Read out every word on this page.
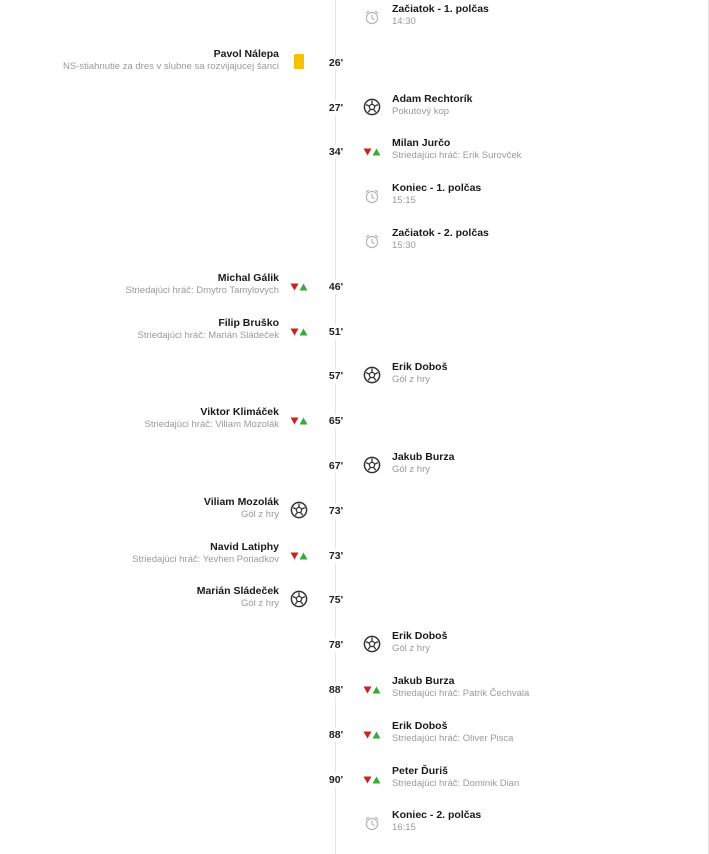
Začiatok - 1. polčas
14:30
26'
Pavol Nálepa
NS-stiahnutie za dres v slubne sa rozvijajucej šanci
27'
Adam Rechtorík
Pokutový kop
34'
Milan Jurčo
Striedajúci hráč: Erik Surovček
Koniec - 1. polčas
15:15
Začiatok - 2. polčas
15:30
46'
Michal Gálik
Striedajúci hráč: Dmytro Tamylovych
51'
Filip Bruško
Striedajúci hráč: Marián Sládeček
57'
Erik Doboš
Gól z hry
65'
Viktor Klimáček
Striedajúci hráč: Viliam Mozolák
67'
Jakub Burza
Gól z hry
73'
Viliam Mozolák
Gól z hry
73'
Navid Latiphy
Striedajúci hráč: Yevhen Poriadkov
75'
Marián Sládeček
Gól z hry
78'
Erik Doboš
Gól z hry
88'
Jakub Burza
Striedajúci hráč: Patrik Čechvala
88'
Erik Doboš
Striedajúci hráč: Oliver Pisca
90'
Peter Ďuriš
Striedajúci hráč: Dominik Dian
Koniec - 2. polčas
16:15
